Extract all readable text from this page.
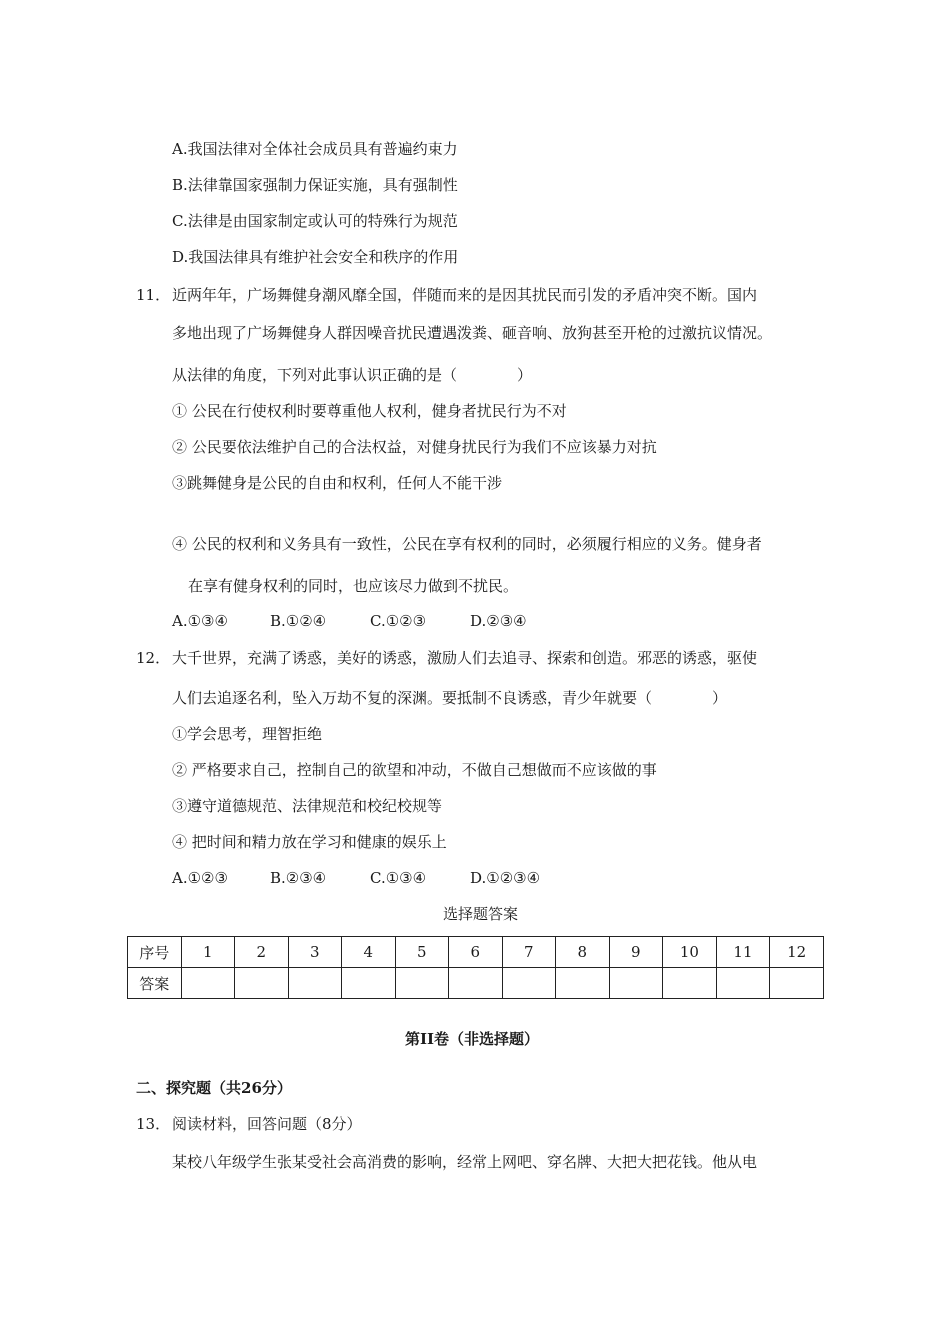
A.我国法律对全体社会成员具有普遍约束力
B.法律靠国家强制力保证实施，具有强制性
C.法律是由国家制定或认可的特殊行为规范
D.我国法律具有维护社会安全和秩序的作用
11． 近两年年，广场舞健身潮风靡全国，伴随而来的是因其扰民而引发的矛盾冲突不断。国内
多地出现了广场舞健身人群因噪音扰民遭遇泼粪、砸音响、放狗甚至开枪的过激抗议情况。
从法律的角度，下列对此事认识正确的是（　　　　）
① 公民在行使权利时要尊重他人权利，健身者扰民行为不对
② 公民要依法维护自己的合法权益，对健身扰民行为我们不应该暴力对抗
③跳舞健身是公民的自由和权利，任何人不能干涉
④ 公民的权利和义务具有一致性，公民在享有权利的同时，必须履行相应的义务。健身者
在享有健身权利的同时，也应该尽力做到不扰民。
A.①③④	B.①②④	C.①②③	D.②③④
12． 大千世界，充满了诱惑，美好的诱惑，激励人们去追寻、探索和创造。邪恶的诱惑，驱使
人们去追逐名利，坠入万劫不复的深渊。要抵制不良诱惑，青少年就要（　　　　）
①学会思考，理智拒绝
② 严格要求自己，控制自己的欲望和冲动，不做自己想做而不应该做的事
③遵守道德规范、法律规范和校纪校规等
④ 把时间和精力放在学习和健康的娱乐上
A.①②③	B.②③④	C.①③④	D.①②③④
选择题答案
序号	1	2	3	4	5	6	7	8	9	10	11	12
答案												
第II卷（非选择题）
二、探究题（共26分）
13． 阅读材料，回答问题（8分）
某校八年级学生张某受社会高消费的影响，经常上网吧、穿名牌、大把大把花钱。他从电
